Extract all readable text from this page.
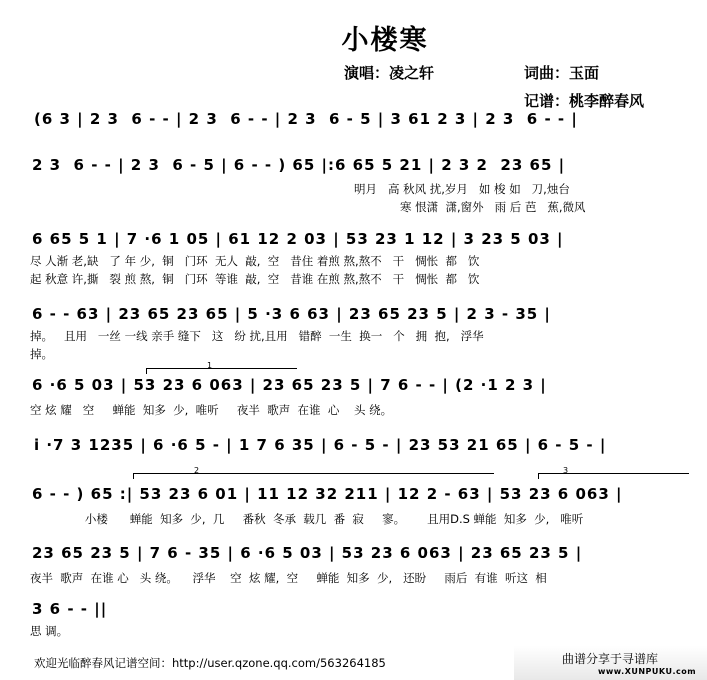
小楼寒
演唱：凌之轩	词曲：玉面
记谱：桃李醉春风
(6 3 | 2 3  6 - - | 2 3  6 - - | 2 3  6 - 5 | 3 61 2 3 | 2 3  6 - - |
2 3  6 - - | 2 3  6 - 5 | 6 - - ) 65 |:6 65 5 21 | 2 3 2  23 65 |
明月   高 秋风 扰,岁月   如 梭 如   刀,烛台
寒 恨潇  潇,窗外   雨 后 芭   蕉,微风
6 65 5 1 | 7 ·6 1 05 | 61 12 2 03 | 53 23 1 12 | 3 23 5 03 |
尽 人渐 老,缺   了 年 少,  铜   门环  无人  敲,  空   昔住 着煎 熬,熬不   干   惆怅  都   饮
起 秋意 许,撕   裂 煎 熬,  铜   门环  等谁  敲,  空   昔谁 在煎 熬,熬不   干   惆怅  都   饮
6 - - 63 | 23 65 23 65 | 5 ·3 6 63 | 23 65 23 5 | 2 3 - 35 |
掉。   且用   一丝 一线 亲手 缝下   这   纷 扰,且用   错醉  一生  换一   个   拥  抱,   浮华
掉。
1
6 ·6 5 03 | 53 23 6 063 | 23 65 23 5 | 7 6 - - | (2 ·1 2 3 |
空 炫 耀   空     蝉能  知多  少,  唯听     夜半  歌声  在谁  心    头 绕。
i ·7 3 1235 | 6 ·6 5 - | 1 7 6 35 | 6 - 5 - | 23 53 21 65 | 6 - 5 - |
2	3
6 - - ) 65 :| 53 23 6 01 | 11 12 32 211 | 12 2 - 63 | 53 23 6 063 |
小楼      蝉能  知多  少,  几     番秋  冬承  载几  番  寂     寥。      且用D.S 蝉能  知多  少,   唯听
23 65 23 5 | 7 6 - 35 | 6 ·6 5 03 | 53 23 6 063 | 23 65 23 5 |
夜半  歌声  在谁 心   头 绕。    浮华    空  炫 耀,  空     蝉能  知多  少,   还盼     雨后  有谁  听这  相
3 6 - - ||
思 调。
欢迎光临醉春风记谱空间：http://user.qzone.qq.com/563264185	曲谱分享于寻谱库
www.XUNPUKU.com
